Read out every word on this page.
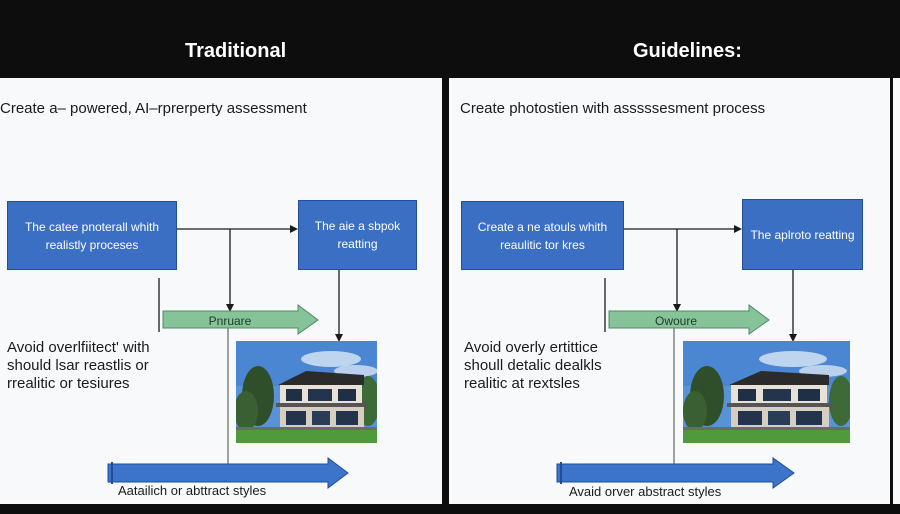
Traditional	Guidelines:
Create a– powered, AI–rprerperty assessment
The catee pnoterall whith realistly proceses
The aie a sbpok reatting
Pnruare
Avoid overlfiitect' with
should lsar reastlis or
rrealitic or tesiures
Aatailich or abttract styles
Create photostien with asssssesment process
Create a ne atouls whith reaulitic tor kres
The aplroto reatting
Owoure
Avoid overly ertittice
shoull detalic dealkls
realitic at rextsles
Avaid orver abstract styles
